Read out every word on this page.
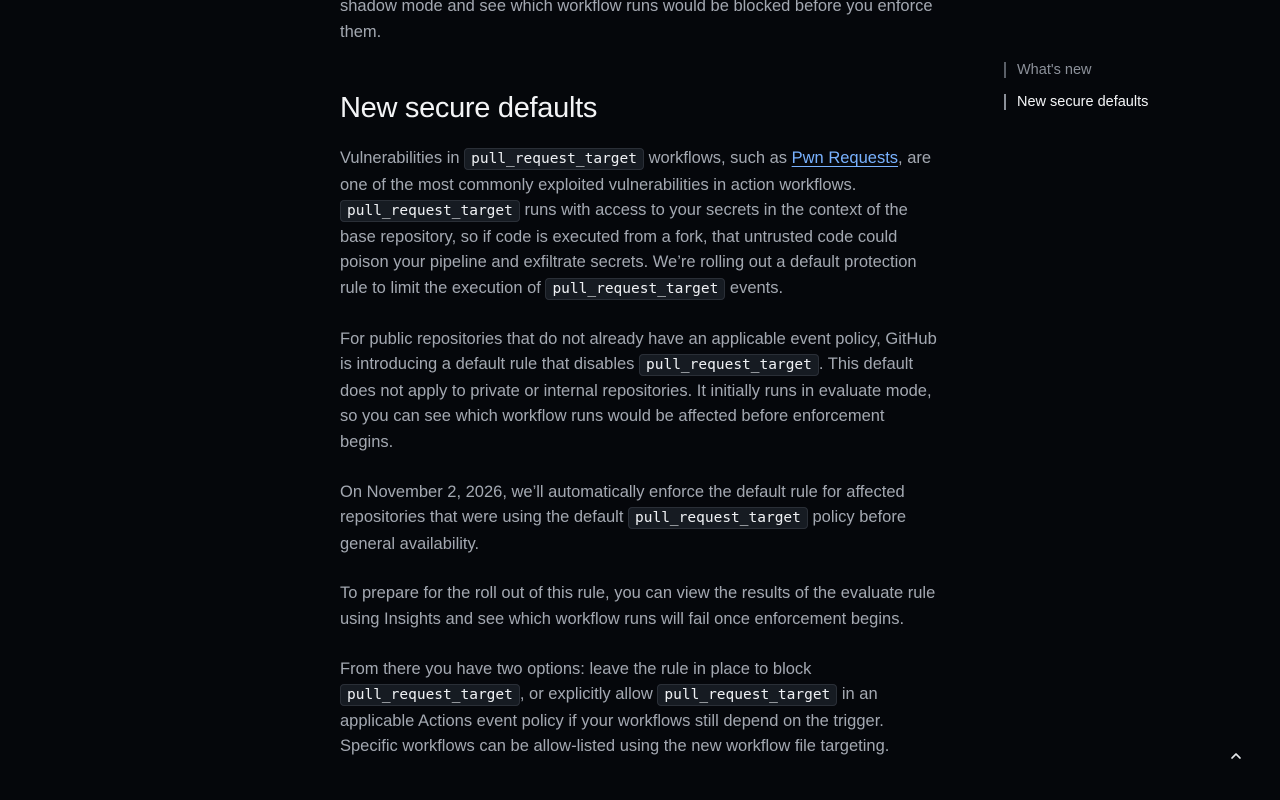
shadow mode and see which workflow runs would be blocked before you enforce them.

New secure defaults

Vulnerabilities in pull_request_target workflows, such as Pwn Requests, are one of the most commonly exploited vulnerabilities in action workflows. pull_request_target runs with access to your secrets in the context of the base repository, so if code is executed from a fork, that untrusted code could poison your pipeline and exfiltrate secrets. We’re rolling out a default protection rule to limit the execution of pull_request_target events.

For public repositories that do not already have an applicable event policy, GitHub is introducing a default rule that disables pull_request_target . This default does not apply to private or internal repositories. It initially runs in evaluate mode, so you can see which workflow runs would be affected before enforcement begins.

On November 2, 2026, we’ll automatically enforce the default rule for affected repositories that were using the default pull_request_target policy before general availability.

To prepare for the roll out of this rule, you can view the results of the evaluate rule using Insights and see which workflow runs will fail once enforcement begins.

From there you have two options: leave the rule in place to block pull_request_target , or explicitly allow pull_request_target in an applicable Actions event policy if your workflows still depend on the trigger. Specific workflows can be allow-listed using the new workflow file targeting.

What's new
New secure defaults
